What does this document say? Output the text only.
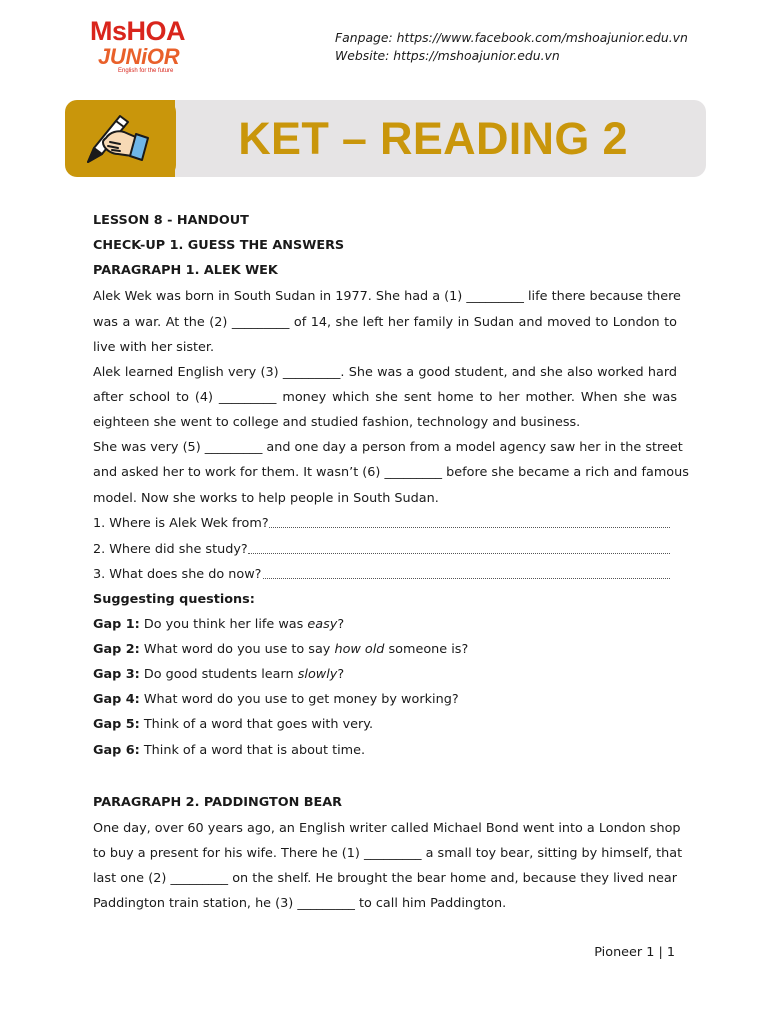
MsHOA
JUNiOR
English for the future
Fanpage: https://www.facebook.com/mshoajunior.edu.vn
Website: https://mshoajunior.edu.vn
KET – READING 2
LESSON 8 - HANDOUT
CHECK-UP 1. GUESS THE ANSWERS
PARAGRAPH 1. ALEK WEK
Alek Wek was born in South Sudan in 1977. She had a (1) _________ life there because there
was a war. At the (2) _________ of 14, she left her family in Sudan and moved to London to
live with her sister.
Alek learned English very (3) _________. She was a good student, and she also worked hard
after school to (4) _________ money which she sent home to her mother. When she was
eighteen she went to college and studied fashion, technology and business.
She was very (5) _________ and one day a person from a model agency saw her in the street
and asked her to work for them. It wasn’t (6) _________ before she became a rich and famous
model. Now she works to help people in South Sudan.
1. Where is Alek Wek from?
2. Where did she study?
3. What does she do now?
Suggesting questions:
Gap 1: Do you think her life was easy?
Gap 2: What word do you use to say how old someone is?
Gap 3: Do good students learn slowly?
Gap 4: What word do you use to get money by working?
Gap 5: Think of a word that goes with very.
Gap 6: Think of a word that is about time.
PARAGRAPH 2. PADDINGTON BEAR
One day, over 60 years ago, an English writer called Michael Bond went into a London shop
to buy a present for his wife. There he (1) _________ a small toy bear, sitting by himself, that
last one (2) _________ on the shelf. He brought the bear home and, because they lived near
Paddington train station, he (3) _________ to call him Paddington.
Pioneer 1 | 1
